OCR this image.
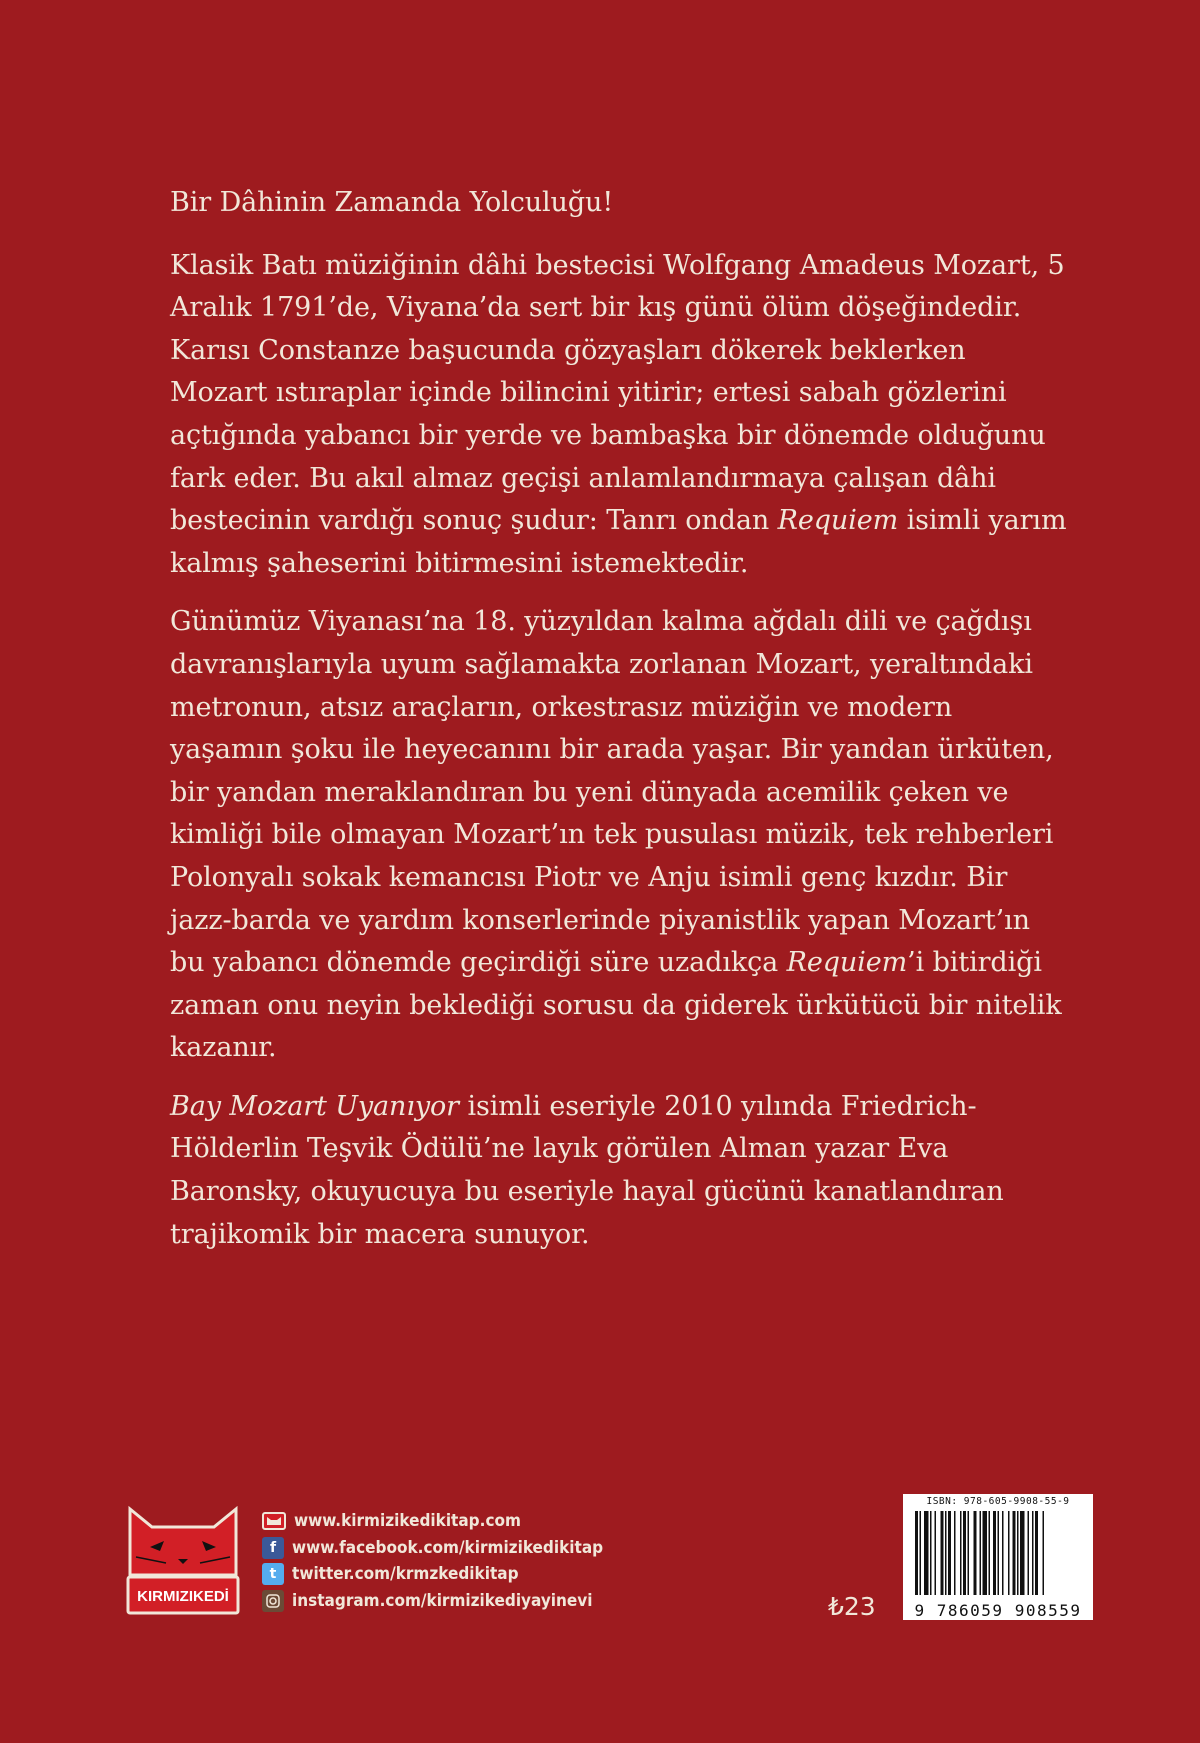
Bir Dâhinin Zamanda Yolculuğu!

Klasik Batı müziğinin dâhi bestecisi Wolfgang Amadeus Mozart, 5 Aralık 1791’de, Viyana’da sert bir kış günü ölüm döşeğindedir. Karısı Constanze başucunda gözyaşları dökerek beklerken Mozart ıstıraplar içinde bilincini yitirir; ertesi sabah gözlerini açtığında yabancı bir yerde ve bambaşka bir dönemde olduğunu fark eder. Bu akıl almaz geçişi anlamlandırmaya çalışan dâhi bestecinin vardığı sonuç şudur: Tanrı ondan Requiem isimli yarım kalmış şaheserini bitirmesini istemektedir.

Günümüz Viyanası’na 18. yüzyıldan kalma ağdalı dili ve çağdışı davranışlarıyla uyum sağlamakta zorlanan Mozart, yeraltındaki metronun, atsız araçların, orkestrasız müziğin ve modern yaşamın şoku ile heyecanını bir arada yaşar. Bir yandan ürküten, bir yandan meraklandıran bu yeni dünyada acemilik çeken ve kimliği bile olmayan Mozart’ın tek pusulası müzik, tek rehberleri Polonyalı sokak kemancısı Piotr ve Anju isimli genç kızdır. Bir jazz-barda ve yardım konserlerinde piyanistlik yapan Mozart’ın bu yabancı dönemde geçirdiği süre uzadıkça Requiem’i bitirdiği zaman onu neyin beklediği sorusu da giderek ürkütücü bir nitelik kazanır.

Bay Mozart Uyanıyor isimli eseriyle 2010 yılında Friedrich-Hölderlin Teşvik Ödülü’ne layık görülen Alman yazar Eva Baronsky, okuyucuya bu eseriyle hayal gücünü kanatlandıran trajikomik bir macera sunuyor.

KIRMIZIKEDİ
www.kirmizikedikitap.com
f www.facebook.com/kirmizikedikitap
t twitter.com/krmzkedikitap
instagram.com/kirmizikediyayinevi	₺23
ISBN: 978-605-9908-55-9
9 786059 908559
